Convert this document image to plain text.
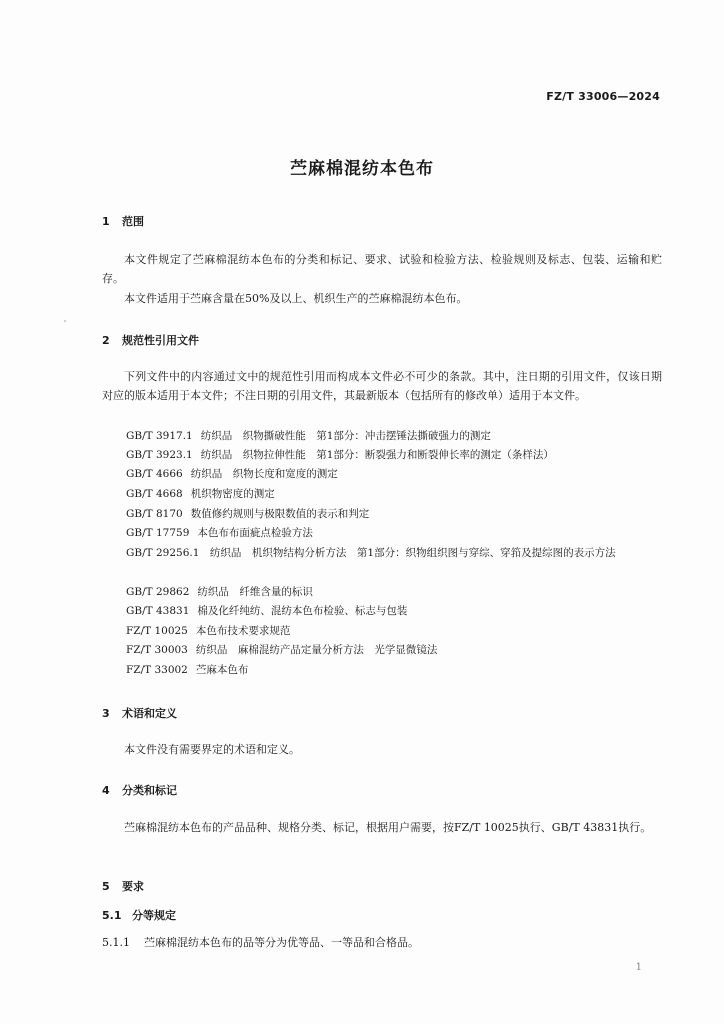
FZ/T 33006—2024
苎麻棉混纺本色布
1 范围
本文件规定了苎麻棉混纺本色布的分类和标记、要求、试验和检验方法、检验规则及标志、包装、运输和贮存。
本文件适用于苎麻含量在50%及以上、机织生产的苎麻棉混纺本色布。
2 规范性引用文件
下列文件中的内容通过文中的规范性引用而构成本文件必不可少的条款。其中，注日期的引用文件，仅该日期对应的版本适用于本文件；不注日期的引用文件，其最新版本（包括所有的修改单）适用于本文件。
GB/T 3917.1 纺织品　织物撕破性能　第1部分：冲击摆锤法撕破强力的测定
GB/T 3923.1 纺织品　织物拉伸性能　第1部分：断裂强力和断裂伸长率的测定（条样法）
GB/T 4666 纺织品　织物长度和宽度的测定
GB/T 4668 机织物密度的测定
GB/T 8170 数值修约规则与极限数值的表示和判定
GB/T 17759 本色布布面疵点检验方法
GB/T 29256.1　纺织品　机织物结构分析方法　第1部分：织物组织图与穿综、穿筘及提综图的表示方法
GB/T 29862 纺织品　纤维含量的标识
GB/T 43831 棉及化纤纯纺、混纺本色布检验、标志与包装
FZ/T 10025 本色布技术要求规范
FZ/T 30003 纺织品　麻棉混纺产品定量分析方法　光学显微镜法
FZ/T 33002 苎麻本色布
3 术语和定义
本文件没有需要界定的术语和定义。
4 分类和标记
苎麻棉混纺本色布的产品品种、规格分类、标记，根据用户需要，按FZ/T 10025执行、GB/T 43831执行。
5 要求
5.1 分等规定
5.1.1 苎麻棉混纺本色布的品等分为优等品、一等品和合格品。
1
